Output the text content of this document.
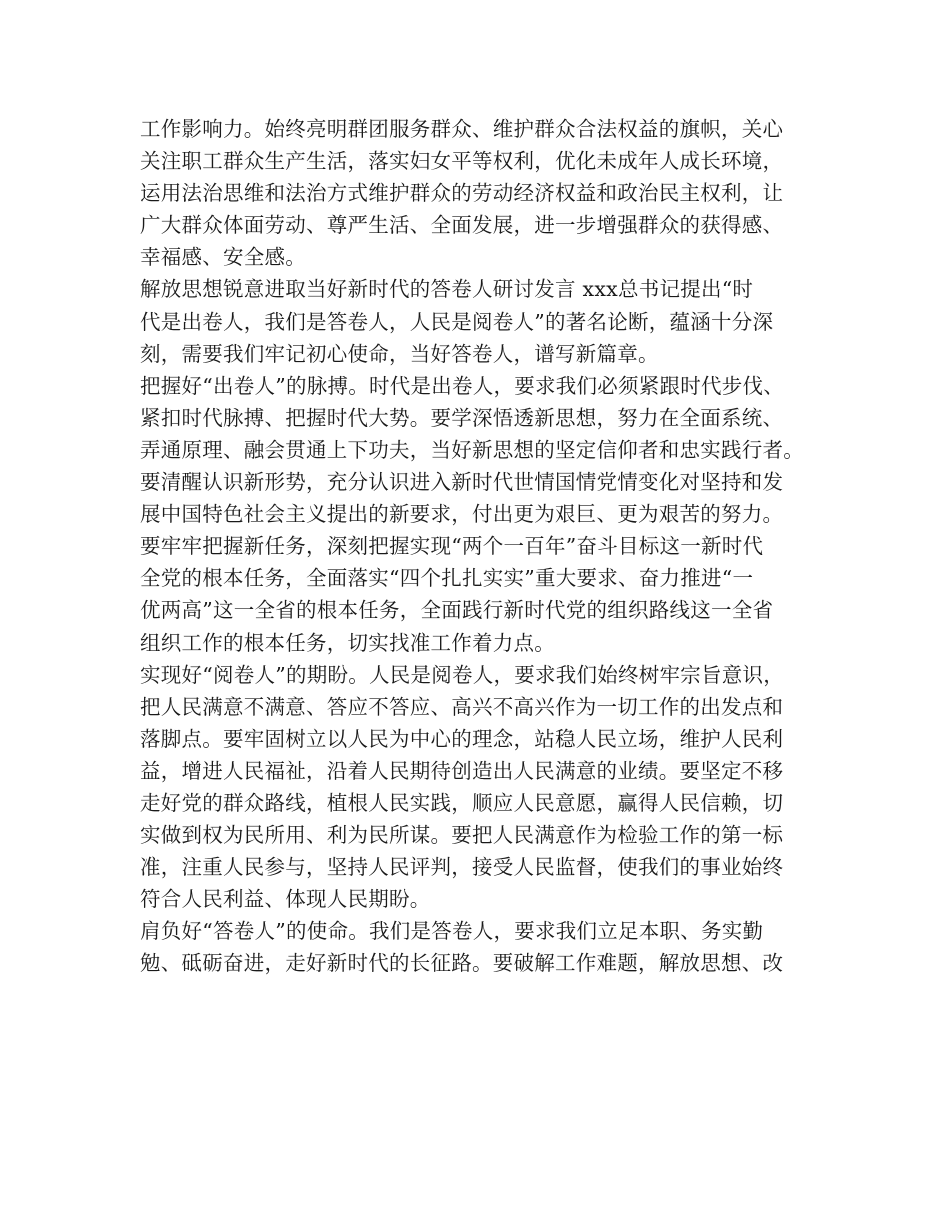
工作影响力。始终亮明群团服务群众、维护群众合法权益的旗帜，关心
关注职工群众生产生活，落实妇女平等权利，优化未成年人成长环境，
运用法治思维和法治方式维护群众的劳动经济权益和政治民主权利，让
广大群众体面劳动、尊严生活、全面发展，进一步增强群众的获得感、
幸福感、安全感。
解放思想锐意进取当好新时代的答卷人研讨发言 xxx总书记提出“时
代是出卷人，我们是答卷人，人民是阅卷人”的著名论断，蕴涵十分深
刻，需要我们牢记初心使命，当好答卷人，谱写新篇章。
把握好“出卷人”的脉搏。时代是出卷人，要求我们必须紧跟时代步伐、
紧扣时代脉搏、把握时代大势。要学深悟透新思想，努力在全面系统、
弄通原理、融会贯通上下功夫，当好新思想的坚定信仰者和忠实践行者。
要清醒认识新形势，充分认识进入新时代世情国情党情变化对坚持和发
展中国特色社会主义提出的新要求，付出更为艰巨、更为艰苦的努力。
要牢牢把握新任务，深刻把握实现“两个一百年”奋斗目标这一新时代
全党的根本任务，全面落实“四个扎扎实实”重大要求、奋力推进“一
优两高”这一全省的根本任务，全面践行新时代党的组织路线这一全省
组织工作的根本任务，切实找准工作着力点。
实现好“阅卷人”的期盼。人民是阅卷人，要求我们始终树牢宗旨意识，
把人民满意不满意、答应不答应、高兴不高兴作为一切工作的出发点和
落脚点。要牢固树立以人民为中心的理念，站稳人民立场，维护人民利
益，增进人民福祉，沿着人民期待创造出人民满意的业绩。要坚定不移
走好党的群众路线，植根人民实践，顺应人民意愿，赢得人民信赖，切
实做到权为民所用、利为民所谋。要把人民满意作为检验工作的第一标
准，注重人民参与，坚持人民评判，接受人民监督，使我们的事业始终
符合人民利益、体现人民期盼。
肩负好“答卷人”的使命。我们是答卷人，要求我们立足本职、务实勤
勉、砥砺奋进，走好新时代的长征路。要破解工作难题，解放思想、改
